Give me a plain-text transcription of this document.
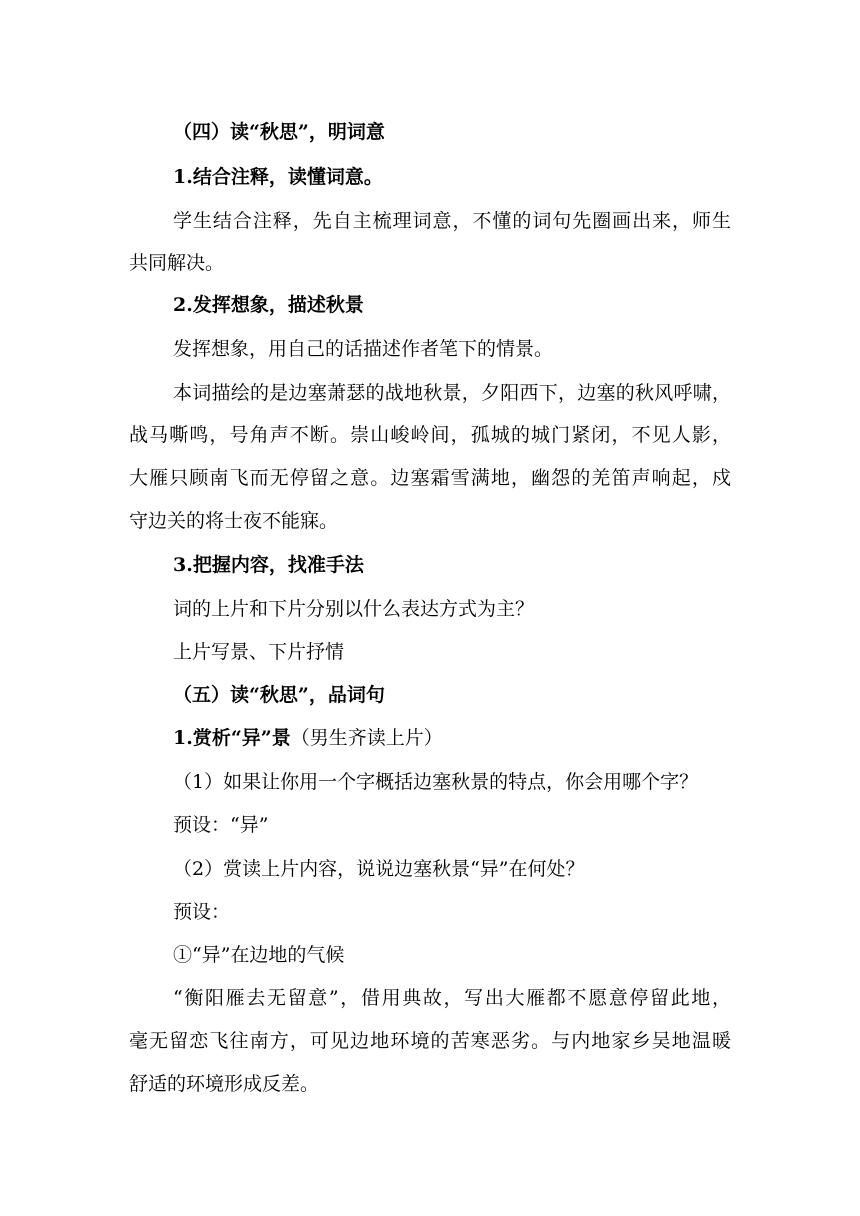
（四）读“秋思”，明词意
1.结合注释，读懂词意。
学生结合注释，先自主梳理词意，不懂的词句先圈画出来，师生
共同解决。
2.发挥想象，描述秋景
发挥想象，用自己的话描述作者笔下的情景。
本词描绘的是边塞萧瑟的战地秋景，夕阳西下，边塞的秋风呼啸，
战马嘶鸣，号角声不断。崇山峻岭间，孤城的城门紧闭，不见人影，
大雁只顾南飞而无停留之意。边塞霜雪满地，幽怨的羌笛声响起，戍
守边关的将士夜不能寐。
3.把握内容，找准手法
词的上片和下片分别以什么表达方式为主？
上片写景、下片抒情
（五）读“秋思”，品词句
1.赏析“异”景（男生齐读上片）
（1）如果让你用一个字概括边塞秋景的特点，你会用哪个字？
预设：“异”
（2）赏读上片内容，说说边塞秋景“异”在何处？
预设：
①“异”在边地的气候
“衡阳雁去无留意”，借用典故，写出大雁都不愿意停留此地，
毫无留恋飞往南方，可见边地环境的苦寒恶劣。与内地家乡吴地温暖
舒适的环境形成反差。
